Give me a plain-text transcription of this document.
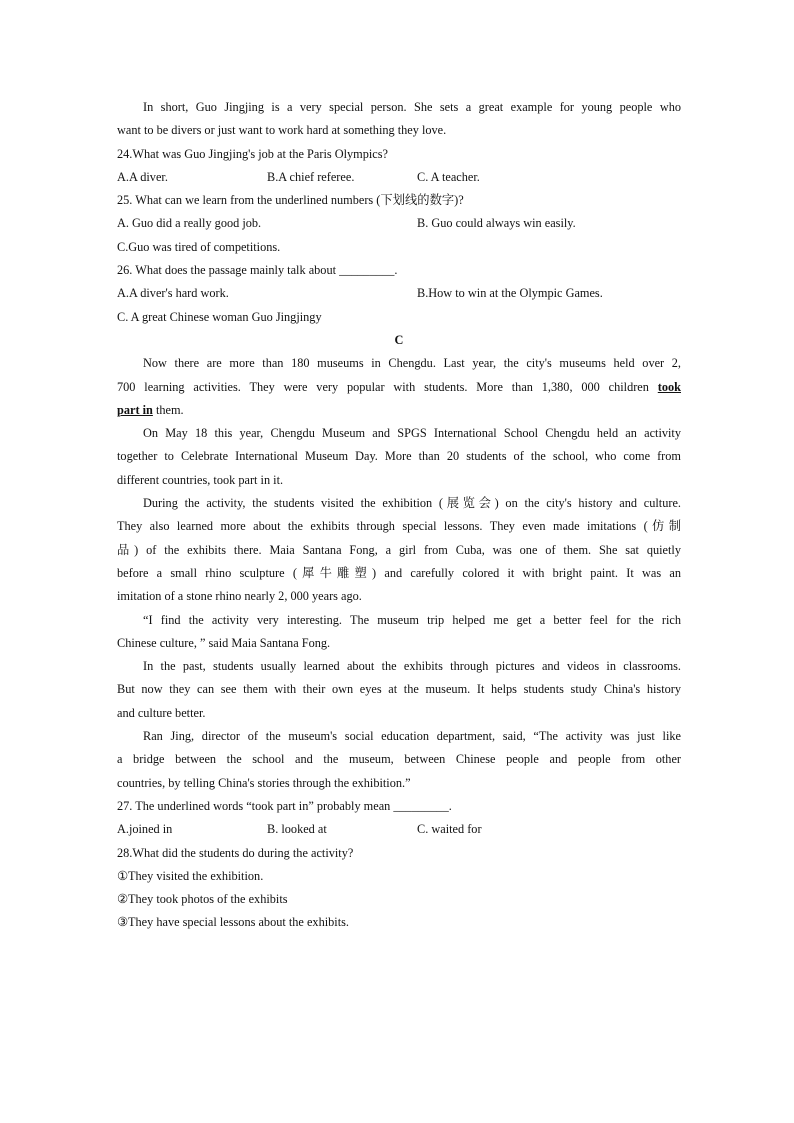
In short, Guo Jingjing is a very special person. She sets a great example for young people who
want to be divers or just want to work hard at something they love.
24.What was Guo Jingjing's job at the Paris Olympics?
A.A diver.	B.A chief referee.	C. A teacher.
25. What can we learn from the underlined numbers (下划线的数字)?
A. Guo did a really good job.	B. Guo could always win easily.
C.Guo was tired of competitions.
26. What does the passage mainly talk about _________.
A.A diver's hard work.	B.How to win at the Olympic Games.
C. A great Chinese woman Guo Jingjingy
C
Now there are more than 180 museums in Chengdu. Last year, the city's museums held over 2,
700 learning activities. They were very popular with students. More than 1,380, 000 children took
part in them.
On May 18 this year, Chengdu Museum and SPGS International School Chengdu held an activity
together to Celebrate International Museum Day. More than 20 students of the school, who come from
different countries, took part in it.
During the activity, the students visited the exhibition (展览会) on the city's history and culture.
They also learned more about the exhibits through special lessons. They even made imitations (仿制
品) of the exhibits there. Maia Santana Fong, a girl from Cuba, was one of them. She sat quietly
before a small rhino sculpture (犀牛雕塑) and carefully colored it with bright paint. It was an
imitation of a stone rhino nearly 2, 000 years ago.
“I find the activity very interesting. The museum trip helped me get a better feel for the rich
Chinese culture, ” said Maia Santana Fong.
In the past, students usually learned about the exhibits through pictures and videos in classrooms.
But now they can see them with their own eyes at the museum. It helps students study China's history
and culture better.
Ran Jing, director of the museum's social education department, said, “The activity was just like
a bridge between the school and the museum, between Chinese people and people from other
countries, by telling China's stories through the exhibition.”
27. The underlined words “took part in” probably mean _________.
A.joined in	B. looked at	C. waited for
28.What did the students do during the activity?
①They visited the exhibition.
②They took photos of the exhibits
③They have special lessons about the exhibits.
